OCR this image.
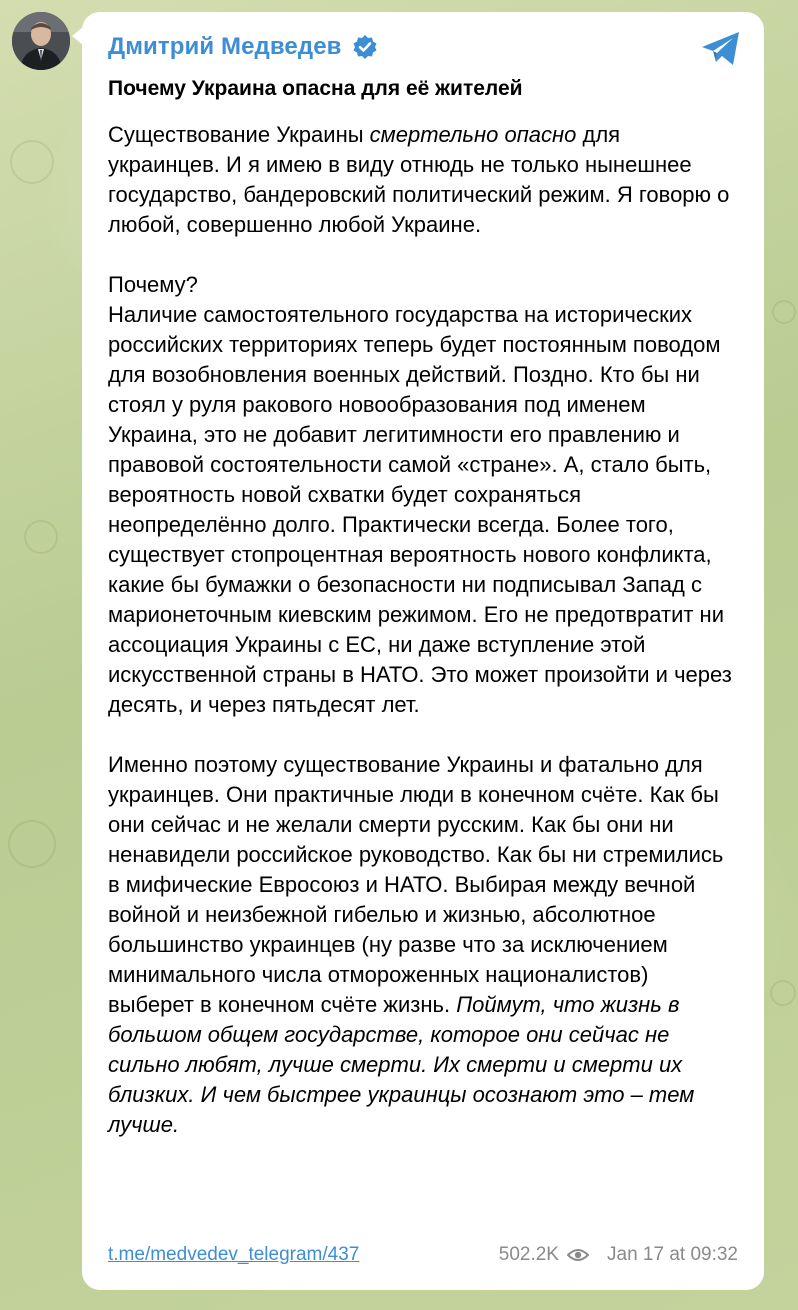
Дмитрий Медведев
Почему Украина опасна для её жителей

Существование Украины смертельно опасно для украинцев. И я имею в виду отнюдь не только нынешнее государство, бандеровский политический режим. Я говорю о любой, совершенно любой Украине.

Почему?

Наличие самостоятельного государства на исторических российских территориях теперь будет постоянным поводом для возобновления военных действий. Поздно. Кто бы ни стоял у руля ракового новообразования под именем Украина, это не добавит легитимности его правлению и правовой состоятельности самой «стране». А, стало быть, вероятность новой схватки будет сохраняться неопределённо долго. Практически всегда. Более того, существует стопроцентная вероятность нового конфликта, какие бы бумажки о безопасности ни подписывал Запад с марионеточным киевским режимом. Его не предотвратит ни ассоциация Украины с ЕС, ни даже вступление этой искусственной страны в НАТО. Это может произойти и через десять, и через пятьдесят лет.

Именно поэтому существование Украины и фатально для украинцев. Они практичные люди в конечном счёте. Как бы они сейчас и не желали смерти русским. Как бы они ни ненавидели российское руководство. Как бы ни стремились в мифические Евросоюз и НАТО. Выбирая между вечной войной и неизбежной гибелью и жизнью, абсолютное большинство украинцев (ну разве что за исключением минимального числа отмороженных националистов) выберет в конечном счёте жизнь. Поймут, что жизнь в большом общем государстве, которое они сейчас не сильно любят, лучше смерти. Их смерти и смерти их близких. И чем быстрее украинцы осознают это – тем лучше.

t.me/medvedev_telegram/437	502.2K	Jan 17 at 09:32
